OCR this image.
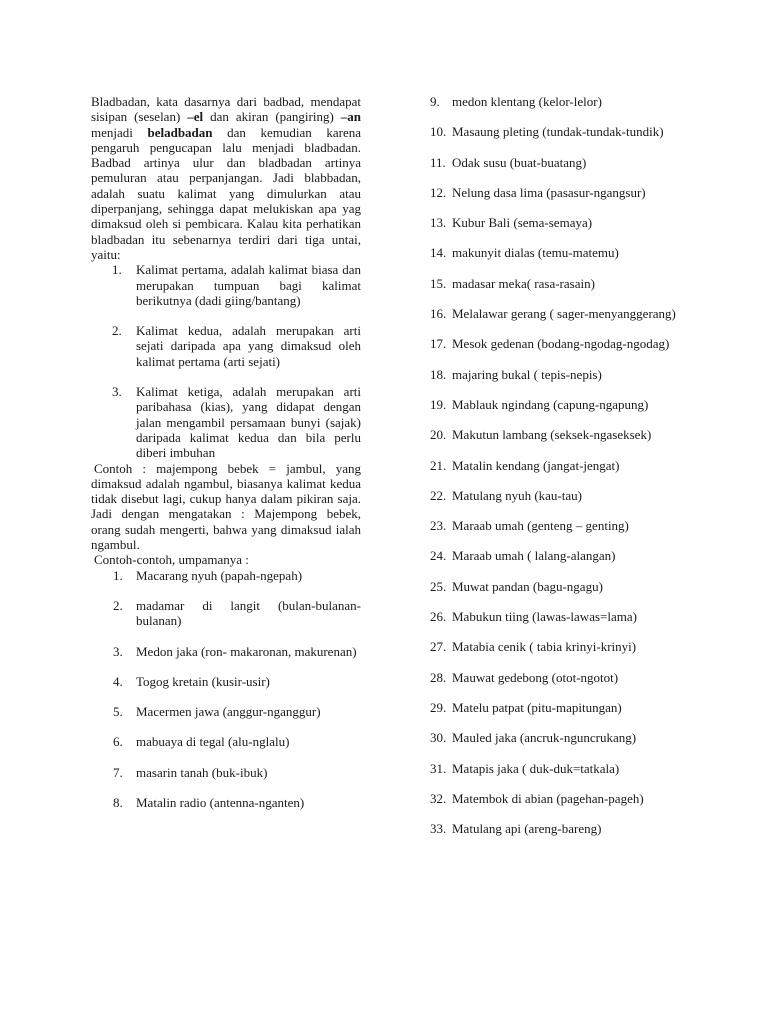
Bladbadan, kata dasarnya dari badbad, mendapat sisipan (seselan) –el dan akiran (pangiring) –an menjadi beladbadan dan kemudian karena pengaruh pengucapan lalu menjadi bladbadan. Badbad artinya ulur dan bladbadan artinya pemuluran atau perpanjangan. Jadi blabbadan, adalah suatu kalimat yang dimulurkan atau diperpanjang, sehingga dapat melukiskan apa yag dimaksud oleh si pembicara. Kalau kita perhatikan bladbadan itu sebenarnya terdiri dari tiga untai, yaitu:

1. Kalimat pertama, adalah kalimat biasa dan merupakan tumpuan bagi kalimat berikutnya (dadi giing/bantang)
2. Kalimat kedua, adalah merupakan arti sejati daripada apa yang dimaksud oleh kalimat pertama (arti sejati)
3. Kalimat ketiga, adalah merupakan arti paribahasa (kias), yang didapat dengan jalan mengambil persamaan bunyi (sajak) daripada kalimat kedua dan bila perlu diberi imbuhan

Contoh : majempong bebek = jambul, yang dimaksud adalah ngambul, biasanya kalimat kedua tidak disebut lagi, cukup hanya dalam pikiran saja. Jadi dengan mengatakan : Majempong bebek, orang sudah mengerti, bahwa yang dimaksud ialah ngambul.

Contoh-contoh, umpamanya :

1. Macarang nyuh (papah-ngepah)
2. madamar di langit (bulan-bulanan-bulanan)
3. Medon jaka (ron- makaronan, makurenan)
4. Togog kretain (kusir-usir)
5. Macermen jawa (anggur-nganggur)
6. mabuaya di tegal (alu-nglalu)
7. masarin tanah (buk-ibuk)
8. Matalin radio (antenna-nganten)
9. medon klentang (kelor-lelor)
10. Masaung pleting (tundak-tundak-tundik)
11. Odak susu (buat-buatang)
12. Nelung dasa lima (pasasur-ngangsur)
13. Kubur Bali (sema-semaya)
14. makunyit dialas (temu-matemu)
15. madasar meka( rasa-rasain)
16. Melalawar gerang ( sager-menyanggerang)
17. Mesok gedenan (bodang-ngodag-ngodag)
18. majaring bukal ( tepis-nepis)
19. Mablauk ngindang (capung-ngapung)
20. Makutun lambang (seksek-ngaseksek)
21. Matalin kendang (jangat-jengat)
22. Matulang nyuh (kau-tau)
23. Maraab umah (genteng – genting)
24. Maraab umah ( lalang-alangan)
25. Muwat pandan (bagu-ngagu)
26. Mabukun tiing (lawas-lawas=lama)
27. Matabia cenik ( tabia krinyi-krinyi)
28. Mauwat gedebong (otot-ngotot)
29. Matelu patpat (pitu-mapitungan)
30. Mauled jaka (ancruk-nguncrukang)
31. Matapis jaka ( duk-duk=tatkala)
32. Matembok di abian (pagehan-pageh)
33. Matulang api (areng-bareng)
